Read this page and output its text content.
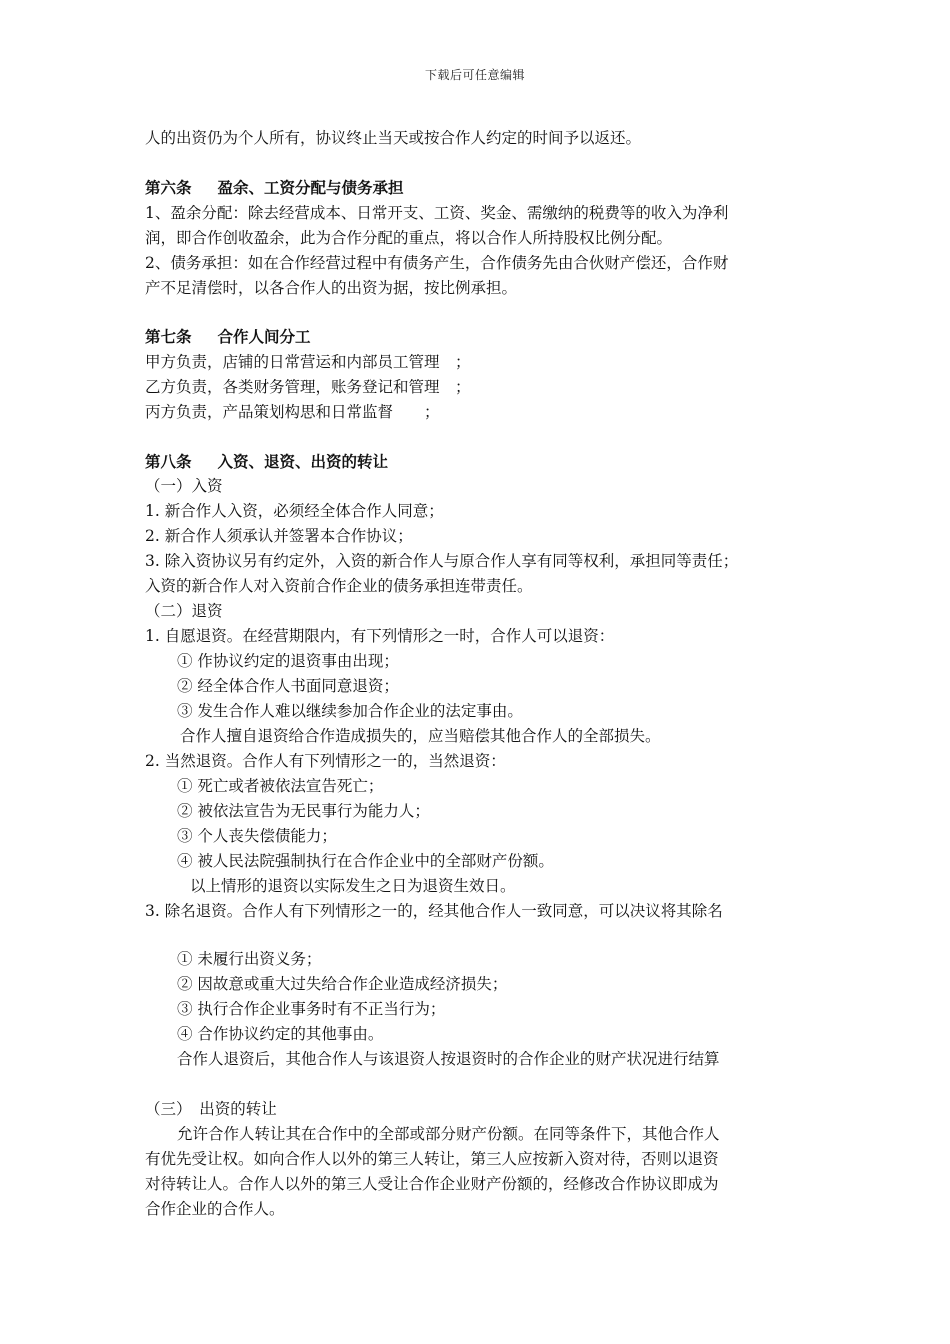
下载后可任意编辑
人的出资仍为个人所有，协议终止当天或按合作人约定的时间予以返还。
第六条 盈余、工资分配与债务承担
1、盈余分配：除去经营成本、日常开支、工资、奖金、需缴纳的税费等的收入为净利
润，即合作创收盈余，此为合作分配的重点，将以合作人所持股权比例分配。
2、债务承担：如在合作经营过程中有债务产生，合作债务先由合伙财产偿还，合作财
产不足清偿时，以各合作人的出资为据，按比例承担。
第七条 合作人间分工
甲方负责，店铺的日常营运和内部员工管理　；
乙方负责，各类财务管理，账务登记和管理　；
丙方负责，产品策划构思和日常监督　　；
第八条 入资、退资、出资的转让
（一）入资
1. 新合作人入资，必须经全体合作人同意；
2. 新合作人须承认并签署本合作协议；
3. 除入资协议另有约定外，入资的新合作人与原合作人享有同等权利，承担同等责任；
入资的新合作人对入资前合作企业的债务承担连带责任。
（二）退资
1. 自愿退资。在经营期限内，有下列情形之一时，合作人可以退资：
① 作协议约定的退资事由出现；
② 经全体合作人书面同意退资；
③ 发生合作人难以继续参加合作企业的法定事由。
合作人擅自退资给合作造成损失的，应当赔偿其他合作人的全部损失。
2. 当然退资。合作人有下列情形之一的，当然退资：
① 死亡或者被依法宣告死亡；
② 被依法宣告为无民事行为能力人；
③ 个人丧失偿债能力；
④ 被人民法院强制执行在合作企业中的全部财产份额。
以上情形的退资以实际发生之日为退资生效日。
3. 除名退资。合作人有下列情形之一的，经其他合作人一致同意，可以决议将其除名
① 未履行出资义务；
② 因故意或重大过失给合作企业造成经济损失；
③ 执行合作企业事务时有不正当行为；
④ 合作协议约定的其他事由。
合作人退资后，其他合作人与该退资人按退资时的合作企业的财产状况进行结算
（三）　出资的转让
允许合作人转让其在合作中的全部或部分财产份额。在同等条件下，其他合作人
有优先受让权。如向合作人以外的第三人转让，第三人应按新入资对待，否则以退资
对待转让人。合作人以外的第三人受让合作企业财产份额的，经修改合作协议即成为
合作企业的合作人。
